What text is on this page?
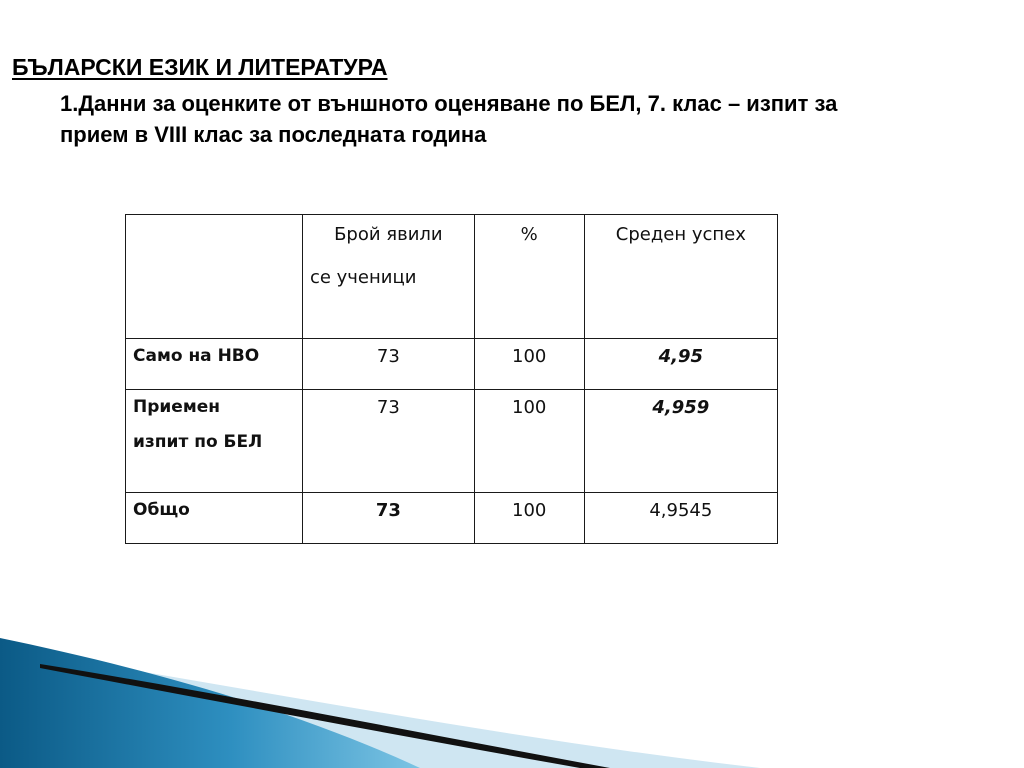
БЪЛАРСКИ ЕЗИК И ЛИТЕРАТУРА
1.Данни за оценките от външното оценяване по БЕЛ, 7. клас – изпит за
прием в VIII клас за последната година

	Брой явили
се ученици	%	Среден успех

Само на НВО	73	100	4,95

Приемен
изпит по БЕЛ	73	100	4,959

Общо	73	100	4,9545
